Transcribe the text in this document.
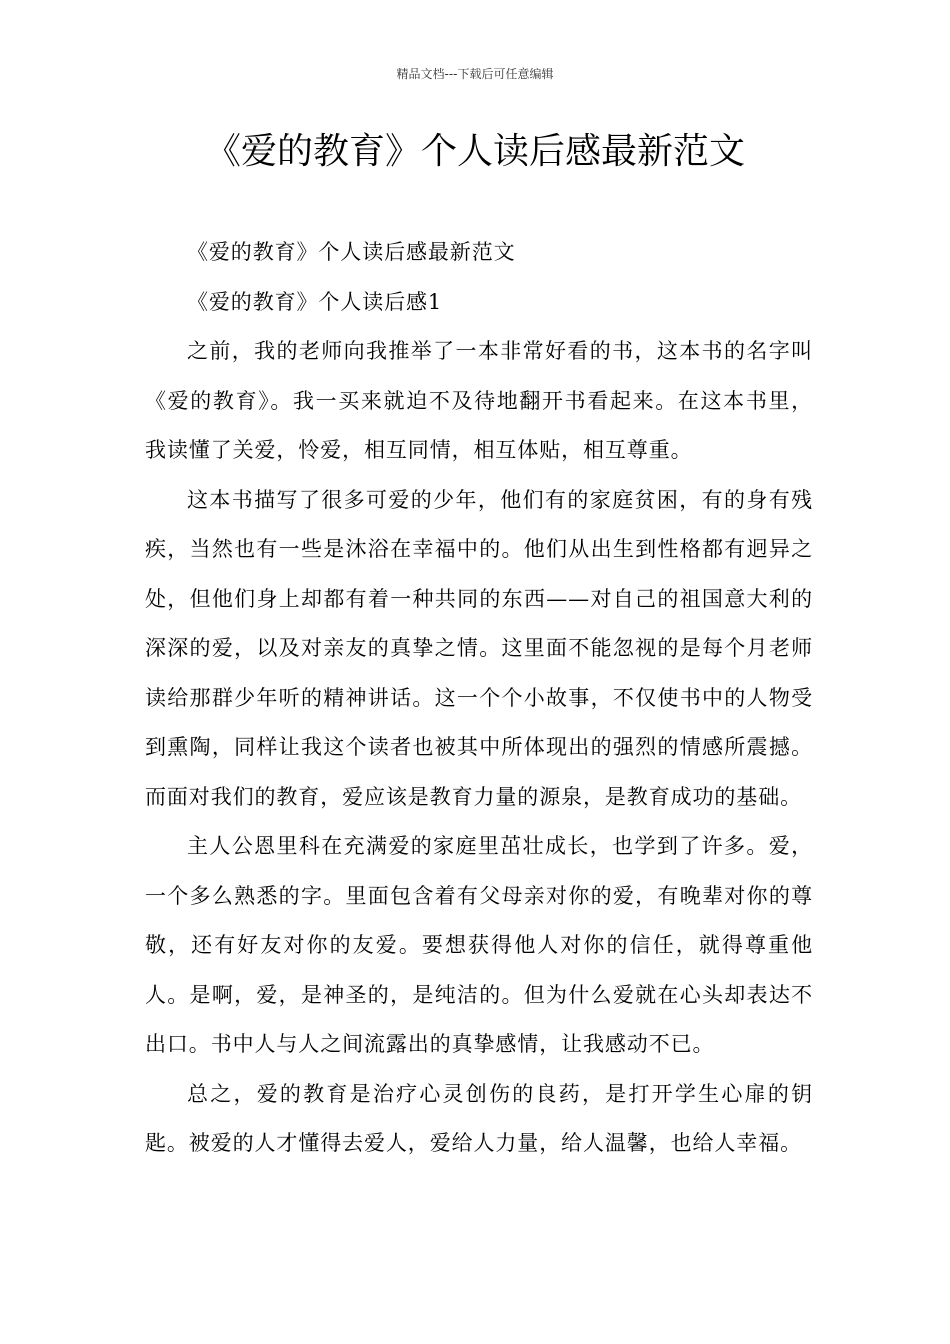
精品文档---下载后可任意编辑
《爱的教育》个人读后感最新范文

《爱的教育》个人读后感最新范文

《爱的教育》个人读后感1

之前，我的老师向我推举了一本非常好看的书，这本书的名字叫《爱的教育》。我一买来就迫不及待地翻开书看起来。在这本书里，我读懂了关爱，怜爱，相互同情，相互体贴，相互尊重。

这本书描写了很多可爱的少年，他们有的家庭贫困，有的身有残疾，当然也有一些是沐浴在幸福中的。他们从出生到性格都有迥异之处，但他们身上却都有着一种共同的东西——对自己的祖国意大利的深深的爱，以及对亲友的真挚之情。这里面不能忽视的是每个月老师读给那群少年听的精神讲话。这一个个小故事，不仅使书中的人物受到熏陶，同样让我这个读者也被其中所体现出的强烈的情感所震撼。而面对我们的教育，爱应该是教育力量的源泉，是教育成功的基础。

主人公恩里科在充满爱的家庭里茁壮成长，也学到了许多。爱，一个多么熟悉的字。里面包含着有父母亲对你的爱，有晚辈对你的尊敬，还有好友对你的友爱。要想获得他人对你的信任，就得尊重他人。是啊，爱，是神圣的，是纯洁的。但为什么爱就在心头却表达不出口。书中人与人之间流露出的真挚感情，让我感动不已。

总之，爱的教育是治疗心灵创伤的良药，是打开学生心扉的钥匙。被爱的人才懂得去爱人，爱给人力量，给人温馨，也给人幸福。
